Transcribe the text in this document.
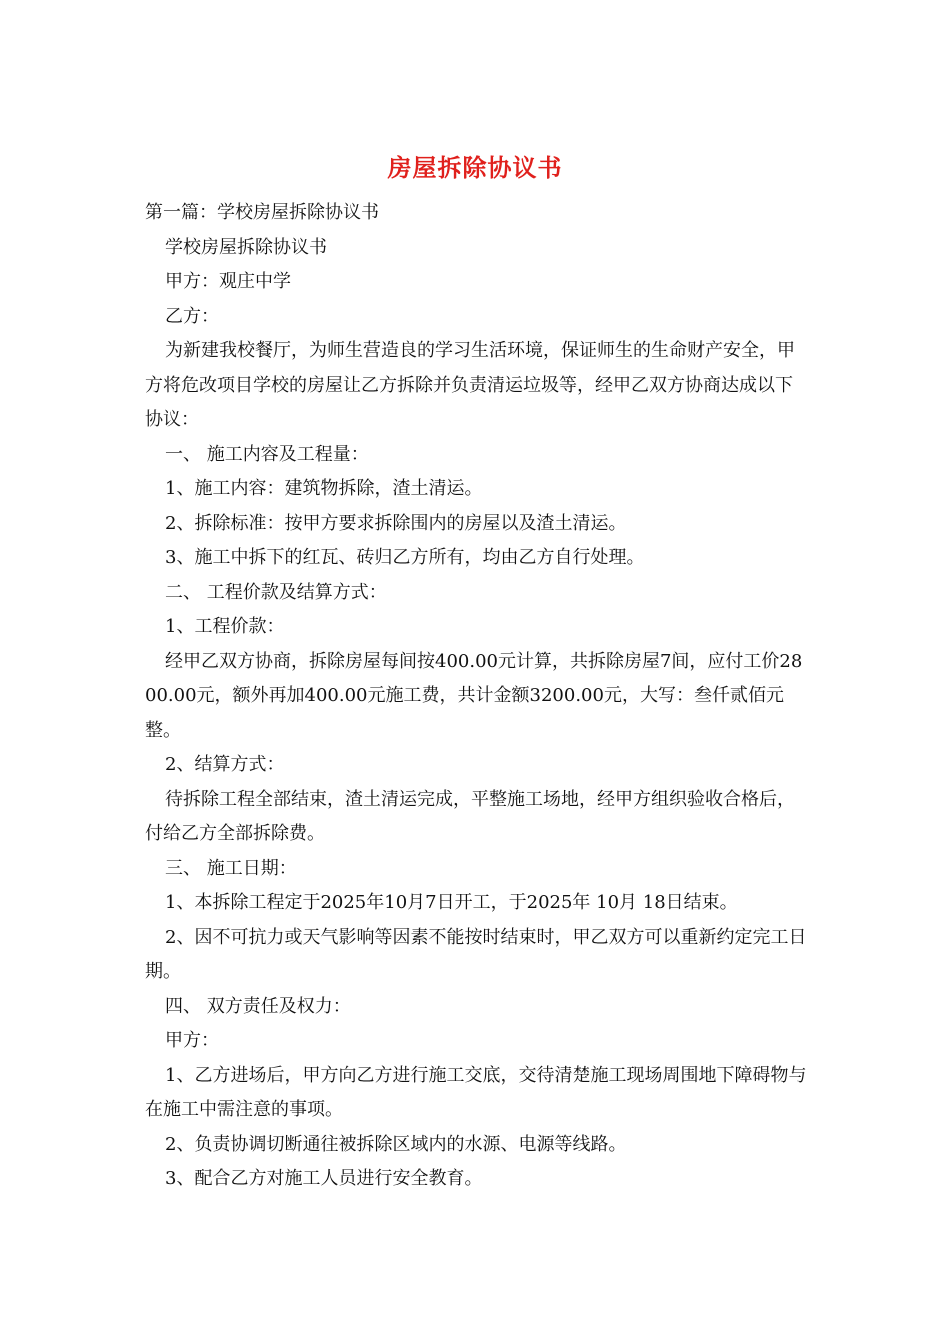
房屋拆除协议书

第一篇：学校房屋拆除协议书

学校房屋拆除协议书

甲方：观庄中学

乙方：

为新建我校餐厅，为师生营造良的学习生活环境，保证师生的生命财产安全，甲方将危改项目学校的房屋让乙方拆除并负责清运垃圾等，经甲乙双方协商达成以下协议：

一、 施工内容及工程量：

1、施工内容：建筑物拆除，渣土清运。

2、拆除标准：按甲方要求拆除围内的房屋以及渣土清运。

3、施工中拆下的红瓦、砖归乙方所有，均由乙方自行处理。

二、 工程价款及结算方式：

1、工程价款：

经甲乙双方协商，拆除房屋每间按400.00元计算，共拆除房屋7间，应付工价2800.00元，额外再加400.00元施工费，共计金额3200.00元，大写：叁仟贰佰元整。

2、结算方式：

待拆除工程全部结束，渣土清运完成，平整施工场地，经甲方组织验收合格后，付给乙方全部拆除费。

三、 施工日期：

1、本拆除工程定于2025年10月7日开工，于2025年 10月 18日结束。

2、因不可抗力或天气影响等因素不能按时结束时，甲乙双方可以重新约定完工日期。

四、 双方责任及权力：

甲方：

1、乙方进场后，甲方向乙方进行施工交底，交待清楚施工现场周围地下障碍物与在施工中需注意的事项。

2、负责协调切断通往被拆除区域内的水源、电源等线路。

3、配合乙方对施工人员进行安全教育。
